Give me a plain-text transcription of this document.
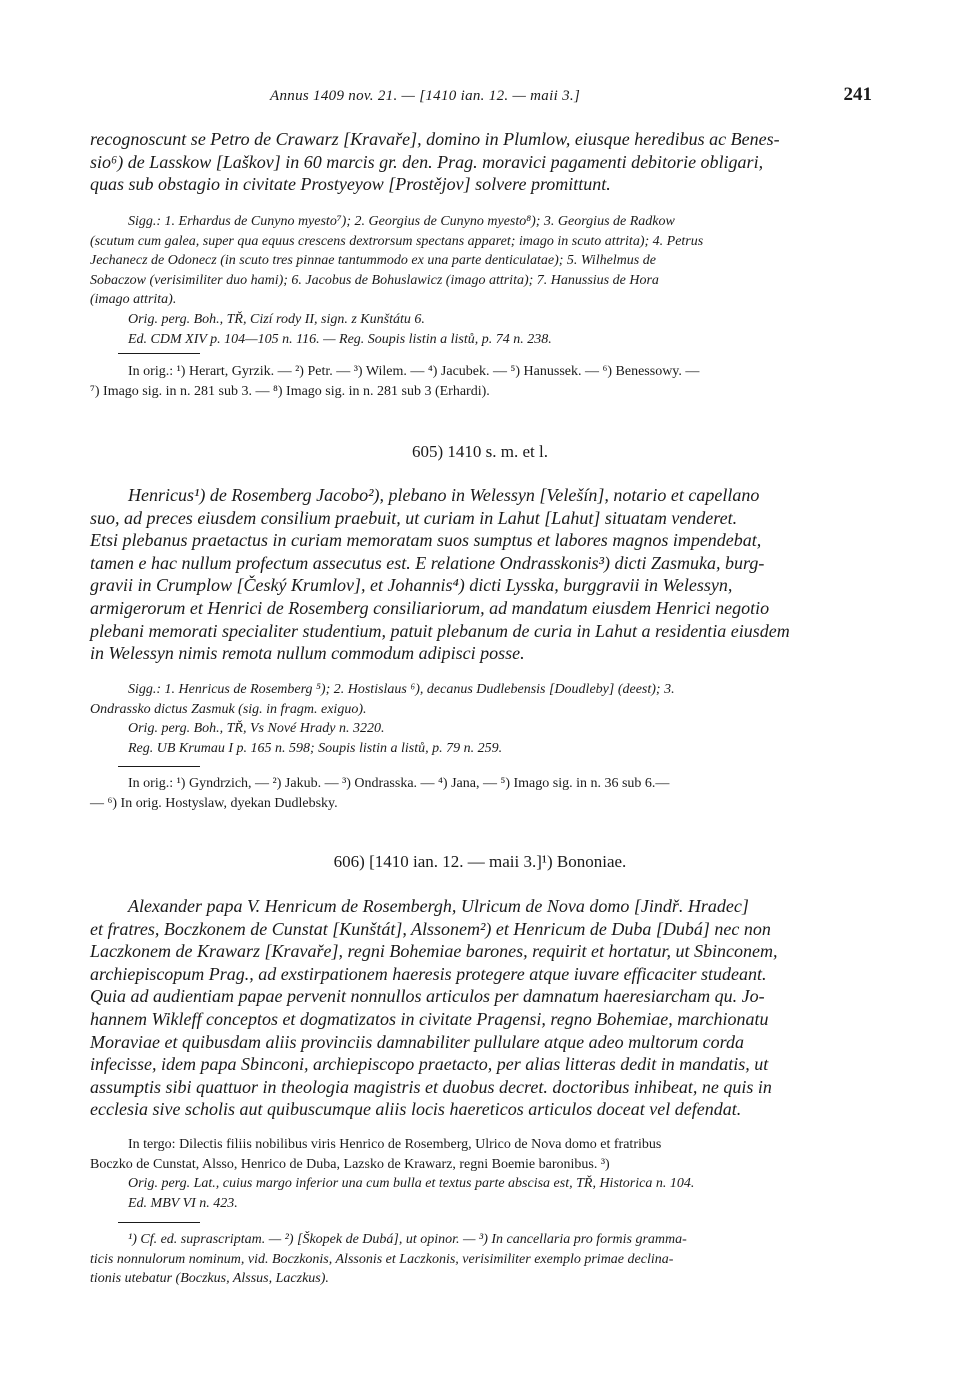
Annus 1409 nov. 21. — [1410 ian. 12. — maii 3.]	241

recognoscunt se Petro de Crawarz [Kravaře], domino in Plumlow, eiusque heredibus ac Benes-
sio⁶) de Lasskow [Laškov] in 60 marcis gr. den. Prag. moravici pagamenti debitorie obligari,
quas sub obstagio in civitate Prostyeyow [Prostějov] solvere promittunt.

Sigg.: 1. Erhardus de Cunyno myesto⁷); 2. Georgius de Cunyno myesto⁸); 3. Georgius de Radkow
(scutum cum galea, super qua equus crescens dextrorsum spectans apparet; imago in scuto attrita); 4. Petrus
Jechanecz de Odonecz (in scuto tres pinnae tantummodo ex una parte denticulatae); 5. Wilhelmus de
Sobaczow (verisimiliter duo hami); 6. Jacobus de Bohuslawicz (imago attrita); 7. Hanussius de Hora
(imago attrita).
Orig. perg. Boh., TŘ, Cizí rody II, sign. z Kunštátu 6.
Ed. CDM XIV p. 104—105 n. 116. — Reg. Soupis listin a listů, p. 74 n. 238.

In orig.: ¹) Herart, Gyrzik. — ²) Petr. — ³) Wilem. — ⁴) Jacubek. — ⁵) Hanussek. — ⁶) Benessowy. —
⁷) Imago sig. in n. 281 sub 3. — ⁸) Imago sig. in n. 281 sub 3 (Erhardi).

605) 1410 s. m. et l.

Henricus¹) de Rosemberg Jacobo²), plebano in Welessyn [Velešín], notario et capellano
suo, ad preces eiusdem consilium praebuit, ut curiam in Lahut [Lahut] situatam venderet.
Etsi plebanus praetactus in curiam memoratam suos sumptus et labores magnos impendebat,
tamen e hac nullum profectum assecutus est. E relatione Ondrasskonis³) dicti Zasmuka, burg-
gravii in Crumplow [Český Krumlov], et Johannis⁴) dicti Lysska, burggravii in Welessyn,
armigerorum et Henrici de Rosemberg consiliariorum, ad mandatum eiusdem Henrici negotio
plebani memorati specialiter studentium, patuit plebanum de curia in Lahut a residentia eiusdem
in Welessyn nimis remota nullum commodum adipisci posse.

Sigg.: 1. Henricus de Rosemberg ⁵); 2. Hostislaus ⁶), decanus Dudlebensis [Doudleby] (deest); 3.
Ondrassko dictus Zasmuk (sig. in fragm. exiguo).
Orig. perg. Boh., TŘ, Vs Nové Hrady n. 3220.
Reg. UB Krumau I p. 165 n. 598; Soupis listin a listů, p. 79 n. 259.

In orig.: ¹) Gyndrzich, — ²) Jakub. — ³) Ondrasska. — ⁴) Jana, — ⁵) Imago sig. in n. 36 sub 6.—
— ⁶) In orig. Hostyslaw, dyekan Dudlebsky.

606) [1410 ian. 12. — maii 3.]¹) Bononiae.

Alexander papa V. Henricum de Rosembergh, Ulricum de Nova domo [Jindř. Hradec]
et fratres, Boczkonem de Cunstat [Kunštát], Alssonem²) et Henricum de Duba [Dubá] nec non
Laczkonem de Krawarz [Kravaře], regni Bohemiae barones, requirit et hortatur, ut Sbinconem,
archiepiscopum Prag., ad exstirpationem haeresis protegere atque iuvare efficaciter studeant.
Quia ad audientiam papae pervenit nonnullos articulos per damnatum haeresiarcham qu. Jo-
hannem Wikleff conceptos et dogmatizatos in civitate Pragensi, regno Bohemiae, marchionatu
Moraviae et quibusdam aliis provinciis damnabiliter pullulare atque adeo multorum corda
infecisse, idem papa Sbinconi, archiepiscopo praetacto, per alias litteras dedit in mandatis, ut
assumptis sibi quattuor in theologia magistris et duobus decret. doctoribus inhibeat, ne quis in
ecclesia sive scholis aut quibuscumque aliis locis haereticos articulos doceat vel defendat.

In tergo: Dilectis filiis nobilibus viris Henrico de Rosemberg, Ulrico de Nova domo et fratribus
Boczko de Cunstat, Alsso, Henrico de Duba, Lazsko de Krawarz, regni Boemie baronibus. ³)

Orig. perg. Lat., cuius margo inferior una cum bulla et textus parte abscisa est, TŘ, Historica n. 104.
Ed. MBV VI n. 423.

¹) Cf. ed. suprascriptam. — ²) [Škopek de Dubá], ut opinor. — ³) In cancellaria pro formis gramma-
ticis nonnulorum nominum, vid. Boczkonis, Alssonis et Laczkonis, verisimiliter exemplo primae declina-
tionis utebatur (Boczkus, Alssus, Laczkus).
